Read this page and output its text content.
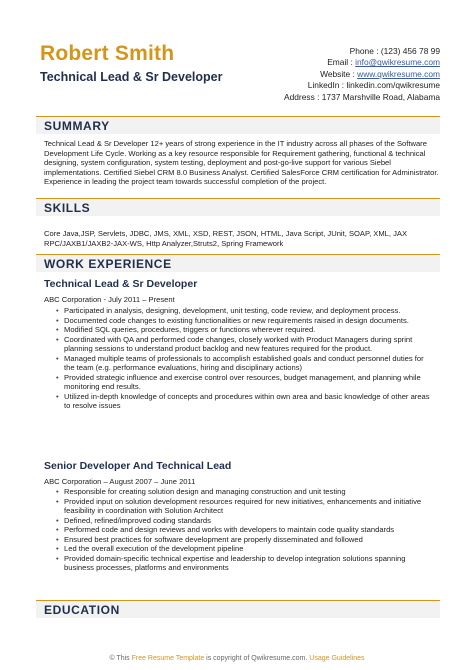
Robert Smith
Technical Lead & Sr Developer
Phone : (123) 456 78 99
Email : info@qwikresume.com
Website : www.qwikresume.com
LinkedIn : linkedin.com/qwikresume
Address : 1737 Marshville Road, Alabama
SUMMARY
Technical Lead & Sr Developer 12+ years of strong experience in the IT industry across all phases of the Software Development Life Cycle. Working as a key resource responsible for Requirement gathering, functional & technical designing, system configuration, system testing, deployment and post-go-live support for various Siebel implementations. Certified Siebel CRM 8.0 Business Analyst. Certified SalesForce CRM certification for Administrator. Experience in leading the project team towards successful completion of the project.
SKILLS
Core Java,JSP, Servlets, JDBC, JMS, XML, XSD, REST, JSON, HTML, Java Script, JUnit, SOAP, XML, JAX RPC/JAXB1/JAXB2-JAX-WS, Http Analyzer,Struts2, Spring Framework
WORK EXPERIENCE
Technical Lead & Sr Developer
ABC Corporation - July 2011 – Present
• Participated in analysis, designing, development, unit testing, code review, and deployment process.
• Documented code changes to existing functionalities or new requirements raised in design documents.
• Modified SQL queries, procedures, triggers or functions wherever required.
• Coordinated with QA and performed code changes, closely worked with Product Managers during sprint planning sessions to understand product backlog and new features required for the product.
• Managed multiple teams of professionals to accomplish established goals and conduct personnel duties for the team (e.g. performance evaluations, hiring and disciplinary actions)
• Provided strategic influence and exercise control over resources, budget management, and planning while monitoring end results.
• Utilized in-depth knowledge of concepts and procedures within own area and basic knowledge of other areas to resolve issues
Senior Developer And Technical Lead
ABC Corporation – August 2007 – June 2011
• Responsible for creating solution design and managing construction and unit testing
• Provided input on solution development resources required for new initiatives, enhancements and initiative feasibility in coordination with Solution Architect
• Defined, refined/improved coding standards
• Performed code and design reviews and works with developers to maintain code quality standards
• Ensured best practices for software development are properly disseminated and followed
• Led the overall execution of the development pipeline
• Provided domain-specific technical expertise and leadership to develop integration solutions spanning business processes, platforms and environments
EDUCATION
© This Free Resume Template is copyright of Qwikresume.com. Usage Guidelines
